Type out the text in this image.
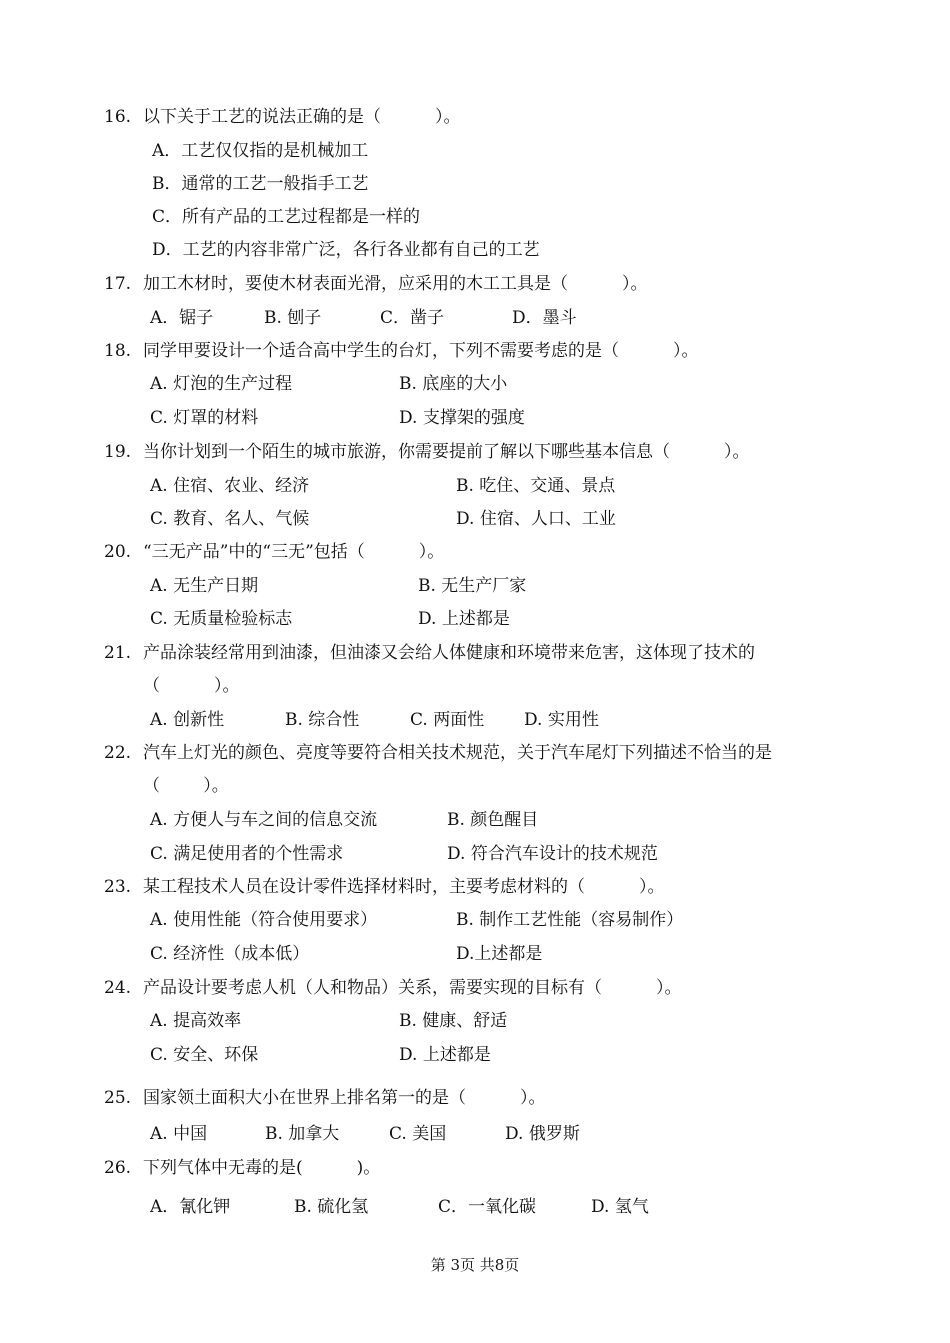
16. 以下关于工艺的说法正确的是（          ）。
A．工艺仅仅指的是机械加工
B．通常的工艺一般指手工艺
C．所有产品的工艺过程都是一样的
D．工艺的内容非常广泛，各行各业都有自己的工艺
17. 加工木材时，要使木材表面光滑，应采用的木工工具是（          ）。
A．锯子	B. 刨子	C．凿子	D．墨斗
18. 同学甲要设计一个适合高中学生的台灯，下列不需要考虑的是（          ）。
A. 灯泡的生产过程	B. 底座的大小
C. 灯罩的材料	D. 支撑架的强度
19. 当你计划到一个陌生的城市旅游，你需要提前了解以下哪些基本信息（          ）。
A. 住宿、农业、经济	B. 吃住、交通、景点
C. 教育、名人、气候	D. 住宿、人口、工业
20. “三无产品”中的“三无”包括（          ）。
A. 无生产日期	B. 无生产厂家
C. 无质量检验标志	D. 上述都是
21. 产品涂装经常用到油漆，但油漆又会给人体健康和环境带来危害，这体现了技术的
（          ）。
A. 创新性	B. 综合性	C. 两面性 D. 实用性
22. 汽车上灯光的颜色、亮度等要符合相关技术规范，关于汽车尾灯下列描述不恰当的是
（        ）。
A. 方便人与车之间的信息交流	B. 颜色醒目
C. 满足使用者的个性需求	D. 符合汽车设计的技术规范
23. 某工程技术人员在设计零件选择材料时，主要考虑材料的（          ）。
A. 使用性能（符合使用要求）	B. 制作工艺性能（容易制作）
C. 经济性（成本低）	D.上述都是
24. 产品设计要考虑人机（人和物品）关系，需要实现的目标有（          ）。
A. 提高效率	B. 健康、舒适
C. 安全、环保	D. 上述都是
25. 国家领土面积大小在世界上排名第一的是（          ）。
A. 中国	B. 加拿大	C. 美国	D. 俄罗斯
26. 下列气体中无毒的是(          )。
A．氰化钾	B. 硫化氢	C．一氧化碳	D. 氢气
第 3页 共8页
